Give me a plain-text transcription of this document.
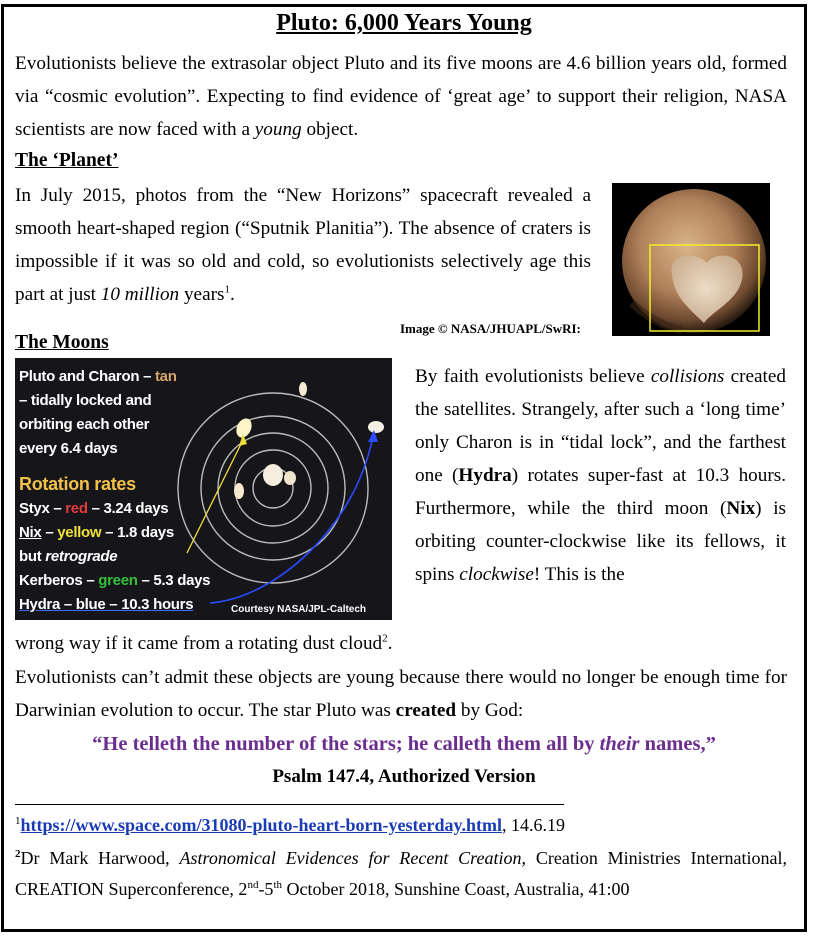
Pluto: 6,000 Years Young
Evolutionists believe the extrasolar object Pluto and its five moons are 4.6 billion years old, formed via “cosmic evolution”. Expecting to find evidence of ‘great age’ to support their religion, NASA scientists are now faced with a young object.
The ‘Planet’
In July 2015, photos from the “New Horizons” spacecraft revealed a smooth heart-shaped region (“Sputnik Planitia”). The absence of craters is impossible if it was so old and cold, so evolutionists selectively age this part at just 10 million years$^1$.
Image © NASA/JHUAPL/SwRI:
The Moons
Pluto and Charon – tan
– tidally locked and
orbiting each other
every 6.4 days
Rotation rates
Styx – red – 3.24 days
Nix – yellow – 1.8 days
but retrograde
Kerberos – green – 5.3 days
Hydra – blue – 10.3 hours	Courtesy NASA/JPL-Caltech
By faith evolutionists believe collisions created the satellites. Strangely, after such a ‘long time’ only Charon is in “tidal lock”, and the farthest one (Hydra) rotates super-fast at 10.3 hours. Furthermore, while the third moon (Nix) is orbiting counter-clockwise like its fellows, it spins clockwise! This is the
wrong way if it came from a rotating dust cloud$^2$.
Evolutionists can’t admit these objects are young because there would no longer be enough time for Darwinian evolution to occur. The star Pluto was created by God:
“He telleth the number of the stars; he calleth them all by their names,”
Psalm 147.4, Authorized Version
$^1$https://www.space.com/31080-pluto-heart-born-yesterday.html, 14.6.19
$^2$Dr Mark Harwood, Astronomical Evidences for Recent Creation, Creation Ministries International, CREATION Superconference, 2nd-5th October 2018, Sunshine Coast, Australia, 41:00
